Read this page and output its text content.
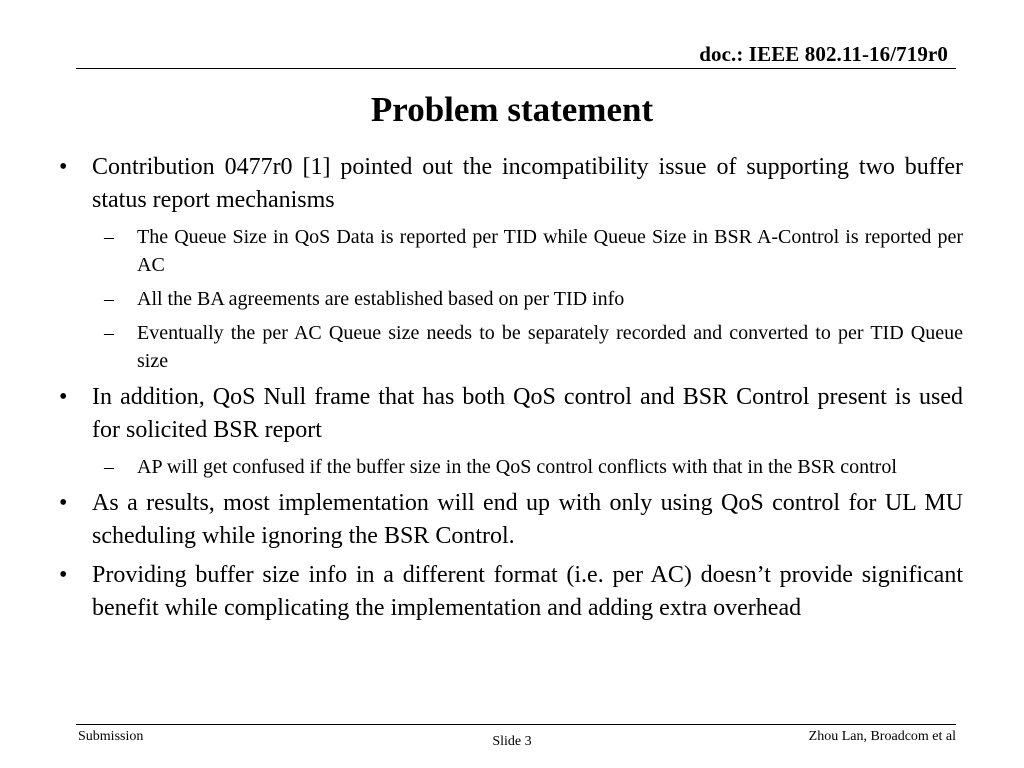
doc.: IEEE 802.11-16/719r0
Problem statement
• Contribution 0477r0 [1] pointed out the incompatibility issue of supporting two buffer status report mechanisms
– The Queue Size in QoS Data is reported per TID while Queue Size in BSR A-Control is reported per AC
– All the BA agreements are established based on per TID info
– Eventually the per AC Queue size needs to be separately recorded and converted to per TID Queue size
• In addition, QoS Null frame that has both QoS control and BSR Control present is used for solicited BSR report
– AP will get confused if the buffer size in the QoS control conflicts with that in the BSR control
• As a results, most implementation will end up with only using QoS control for UL MU scheduling while ignoring the BSR Control.
• Providing buffer size info in a different format (i.e. per AC) doesn’t provide significant benefit while complicating the implementation and adding extra overhead
Submission	Slide 3	Zhou Lan, Broadcom et al
